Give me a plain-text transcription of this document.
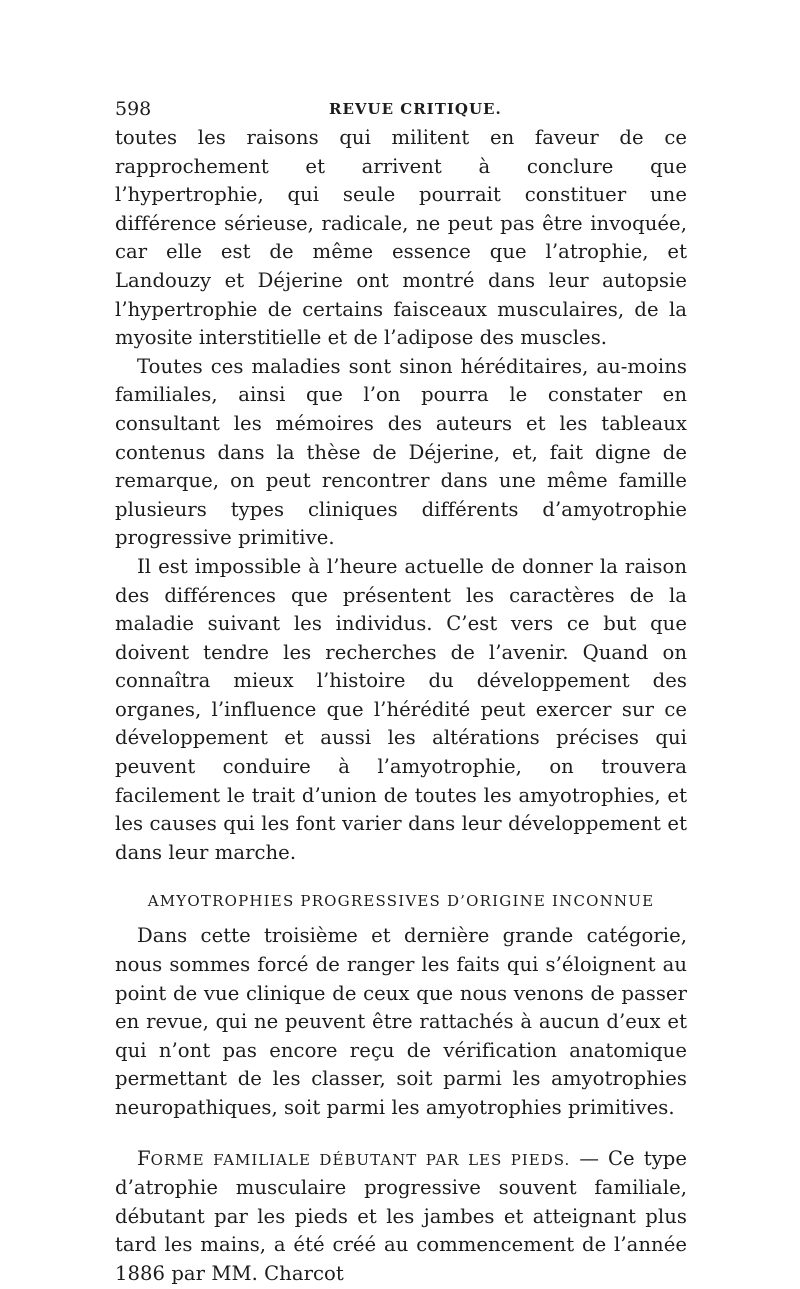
598	REVUE CRITIQUE.

toutes les raisons qui militent en faveur de ce rapprochement et arrivent à conclure que l’hypertrophie, qui seule pourrait constituer une différence sérieuse, radicale, ne peut pas être invoquée, car elle est de même essence que l’atrophie, et Landouzy et Déjerine ont montré dans leur autopsie l’hypertrophie de certains faisceaux musculaires, de la myosite interstitielle et de l’adipose des muscles.

Toutes ces maladies sont sinon héréditaires, au-moins familiales, ainsi que l’on pourra le constater en consultant les mémoires des auteurs et les tableaux contenus dans la thèse de Déjerine, et, fait digne de remarque, on peut rencontrer dans une même famille plusieurs types cliniques différents d’amyotrophie progressive primitive.

Il est impossible à l’heure actuelle de donner la raison des différences que présentent les caractères de la maladie suivant les individus. C’est vers ce but que doivent tendre les recherches de l’avenir. Quand on connaîtra mieux l’histoire du développement des organes, l’influence que l’hérédité peut exercer sur ce développement et aussi les altérations précises qui peuvent conduire à l’amyotrophie, on trouvera facilement le trait d’union de toutes les amyotrophies, et les causes qui les font varier dans leur développement et dans leur marche.

AMYOTROPHIES PROGRESSIVES D’ORIGINE INCONNUE

Dans cette troisième et dernière grande catégorie, nous sommes forcé de ranger les faits qui s’éloignent au point de vue clinique de ceux que nous venons de passer en revue, qui ne peuvent être rattachés à aucun d’eux et qui n’ont pas encore reçu de vérification anatomique permettant de les classer, soit parmi les amyotrophies neuropathiques, soit parmi les amyotrophies primitives.

FORME FAMILIALE DÉBUTANT PAR LES PIEDS. — Ce type d’atrophie musculaire progressive souvent familiale, débutant par les pieds et les jambes et atteignant plus tard les mains, a été créé au commencement de l’année 1886 par MM. Charcot
